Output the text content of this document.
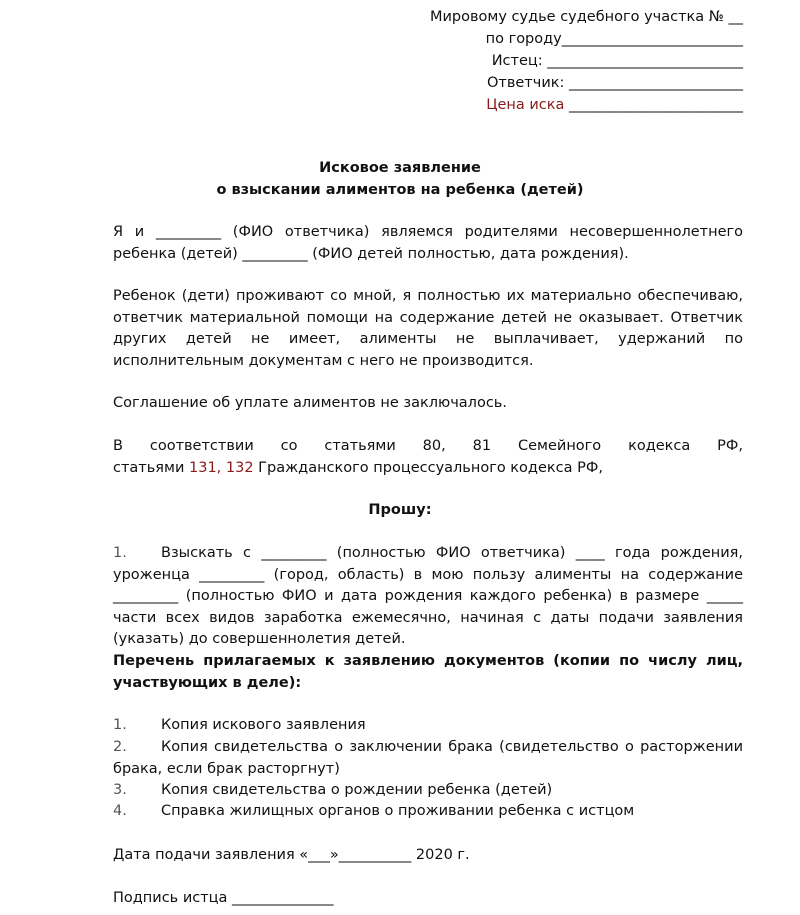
Мировому судье судебного участка № __
по городу_________________________
Истец: ___________________________
Ответчик: ________________________
Цена иска ________________________
Исковое заявление
о взыскании алиментов на ребенка (детей)
Я и _________ (ФИО ответчика) являемся родителями несовершеннолетнего ребенка (детей) _________ (ФИО детей полностью, дата рождения).
Ребенок (дети) проживают со мной, я полностью их материально обеспечиваю, ответчик материальной помощи на содержание детей не оказывает. Ответчик других детей не имеет, алименты не выплачивает, удержаний по исполнительным документам с него не производится.
Соглашение об уплате алиментов не заключалось.
В соответствии со статьями 80, 81 Семейного кодекса РФ,
статьями 131, 132 Гражданского процессуального кодекса РФ,
Прошу:
1. Взыскать с _________ (полностью ФИО ответчика) ____ года рождения, уроженца _________ (город, область) в мою пользу алименты на содержание _________ (полностью ФИО и дата рождения каждого ребенка) в размере _____ части всех видов заработка ежемесячно, начиная с даты подачи заявления (указать) до совершеннолетия детей.
Перечень прилагаемых к заявлению документов (копии по числу лиц, участвующих в деле):
1. Копия искового заявления
2. Копия свидетельства о заключении брака (свидетельство о расторжении брака, если брак расторгнут)
3. Копия свидетельства о рождении ребенка (детей)
4. Справка жилищных органов о проживании ребенка с истцом
Дата подачи заявления «___»__________ 2020 г.
Подпись истца ______________
